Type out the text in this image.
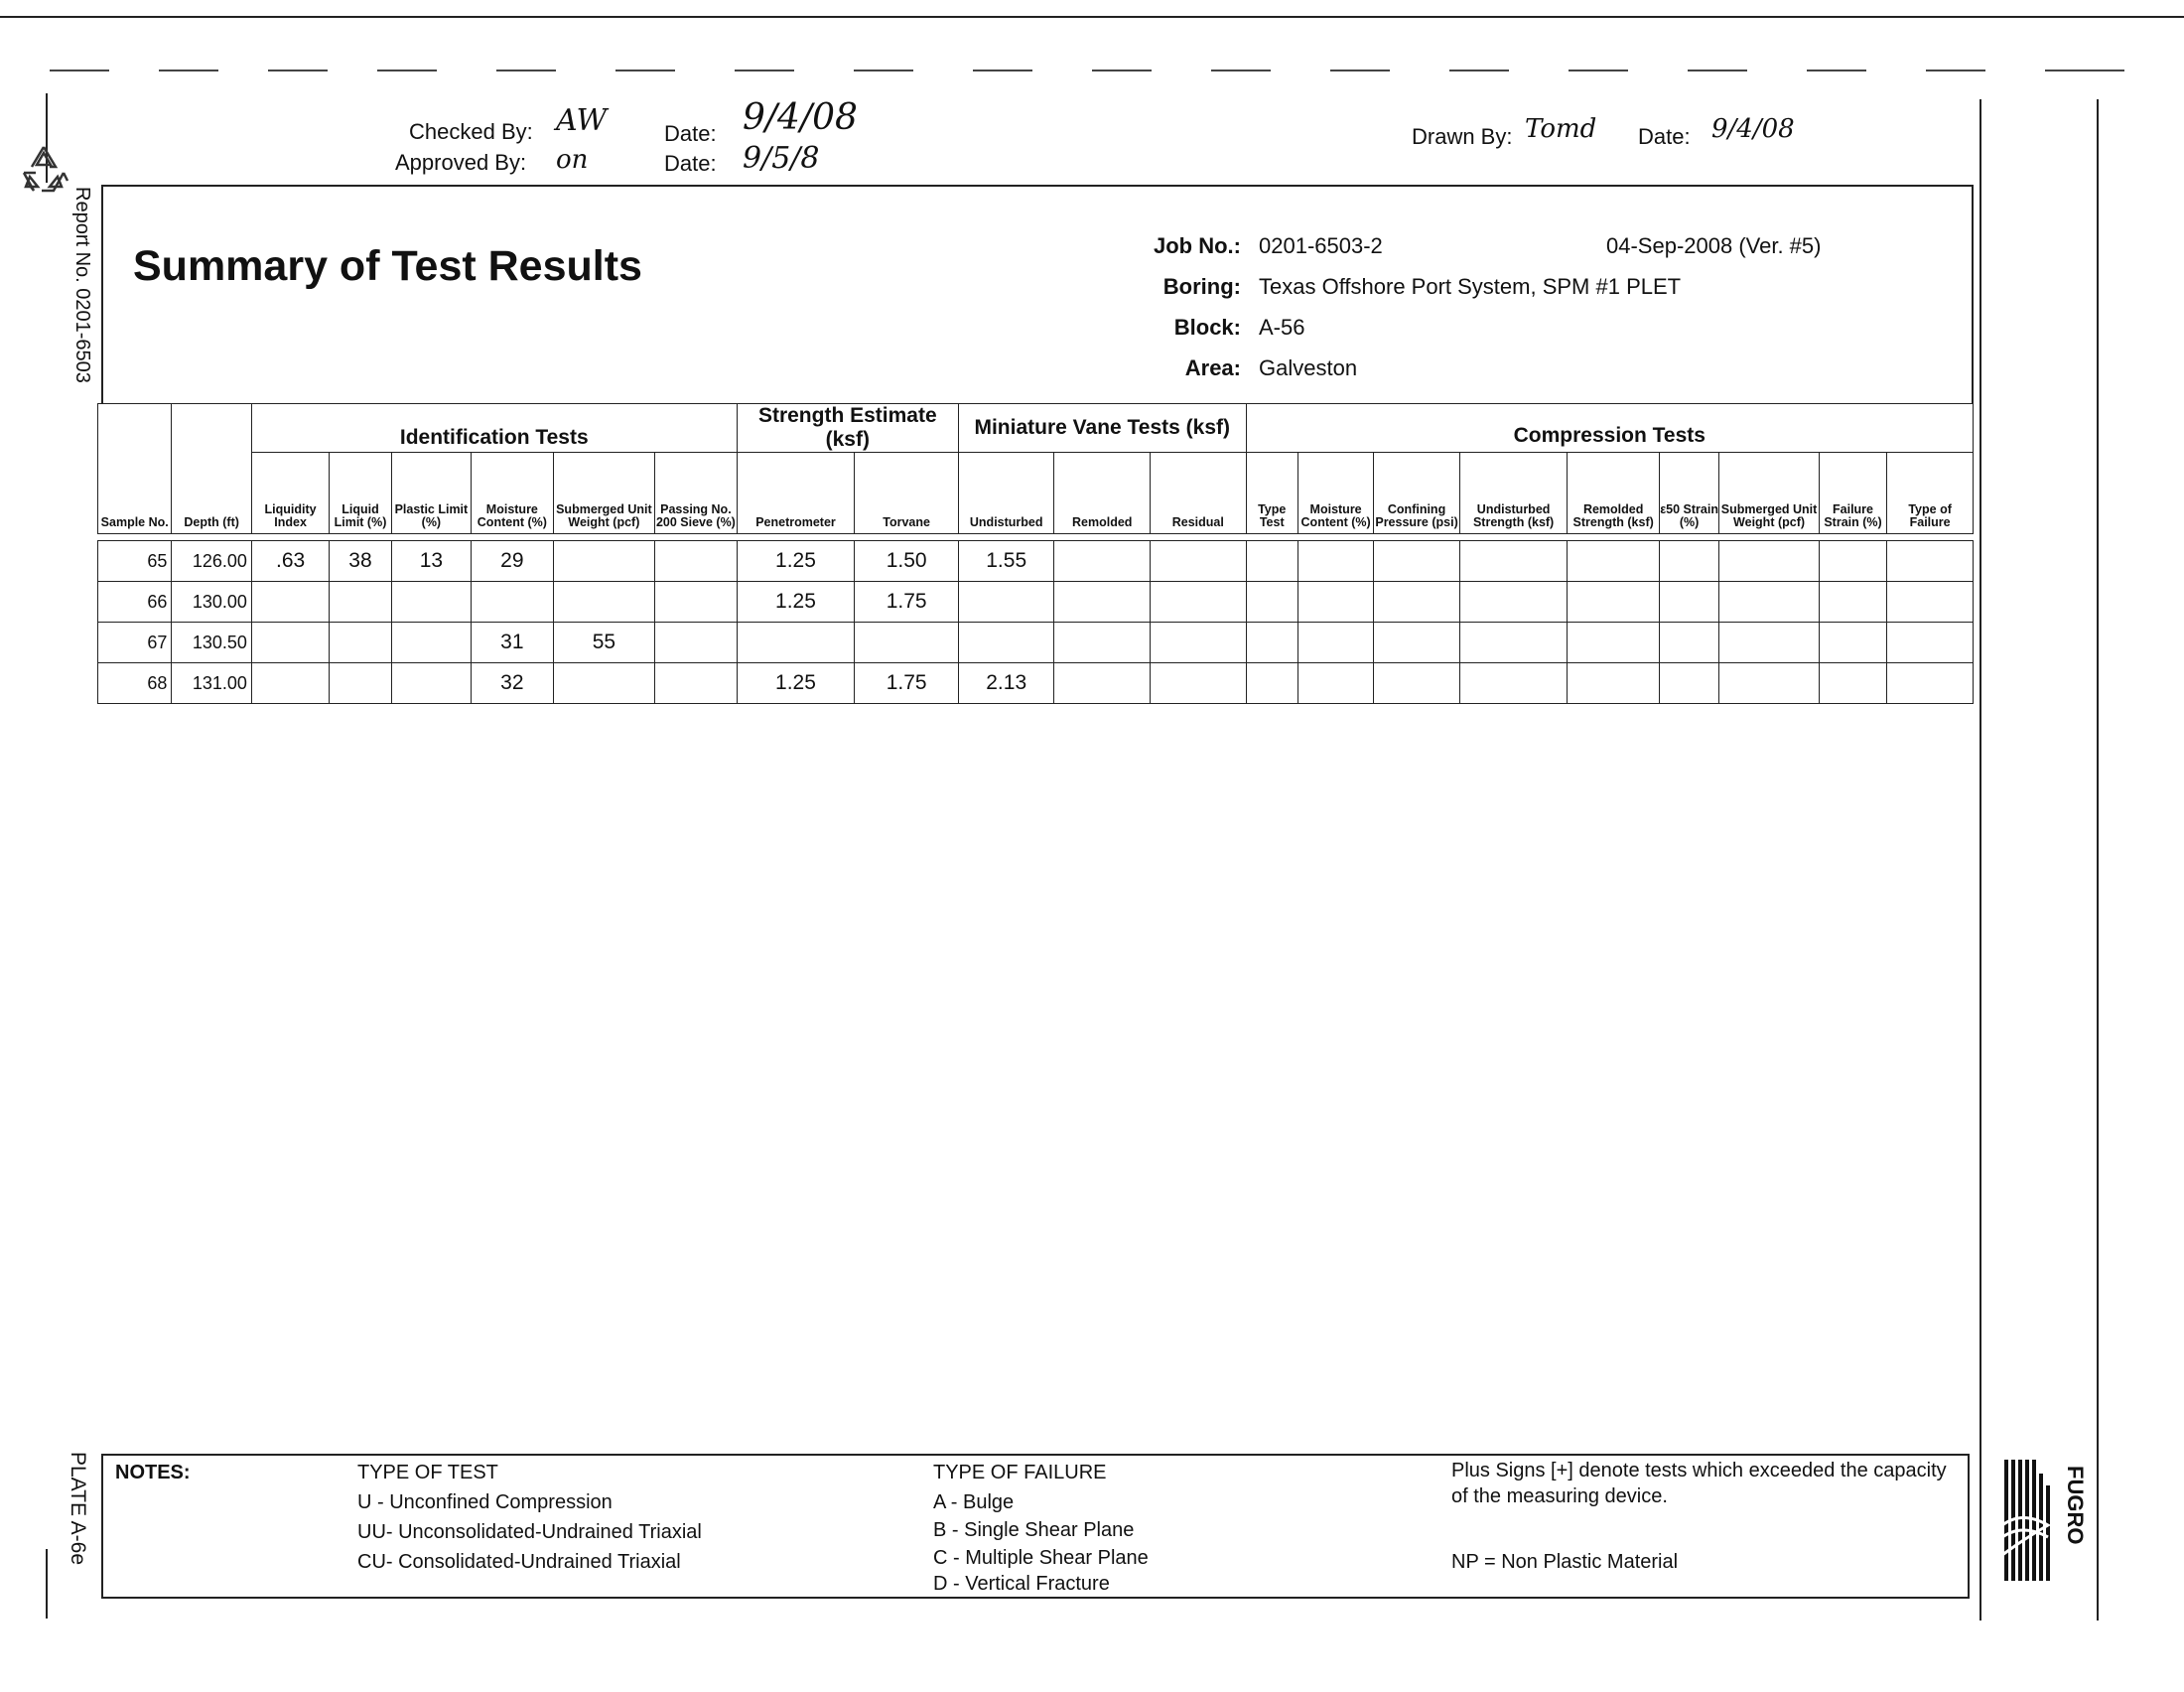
Report No. 0201-6503
PLATE A-6e
Checked By: AW	Date: 9/4/08
Approved By: on	Date: 9/5/8
Drawn By: Tomd Date: 9/4/08
Summary of Test Results	Job No.: 0201-6503-2	04-Sep-2008 (Ver. #5)
Boring: Texas Offshore Port System, SPM #1 PLET
Block: A-56
Area: Galveston
Sample No.	Depth (ft)	Identification Tests						Strength Estimate (ksf)		Miniature Vane Tests (ksf)			Compression Tests								
		Liquidity Index	Liquid Limit (%)	Plastic Limit (%)	Moisture Content (%)	Submerged Unit Weight (pcf)	Passing No. 200 Sieve (%)	Penetrometer	Torvane	Undisturbed	Remolded	Residual	Type Test	Moisture Content (%)	Confining Pressure (psi)	Undisturbed Strength (ksf)	Remolded Strength (ksf)	ε50 Strain (%)	Submerged Unit Weight (pcf)	Failure Strain (%)	Type of Failure

65	126.00	.63	38	13	29			1.25	1.50	1.55											
66	130.00							1.25	1.75												
67	130.50				31	55															
68	131.00				32			1.25	1.75	2.13											
NOTES:	TYPE OF TEST
U - Unconfined Compression
UU- Unconsolidated-Undrained Triaxial
CU- Consolidated-Undrained Triaxial
TYPE OF FAILURE
A - Bulge
B - Single Shear Plane
C - Multiple Shear Plane
D - Vertical Fracture
Plus Signs [+] denote tests which exceeded the capacity of the measuring device.
NP = Non Plastic Material
FUGRO
